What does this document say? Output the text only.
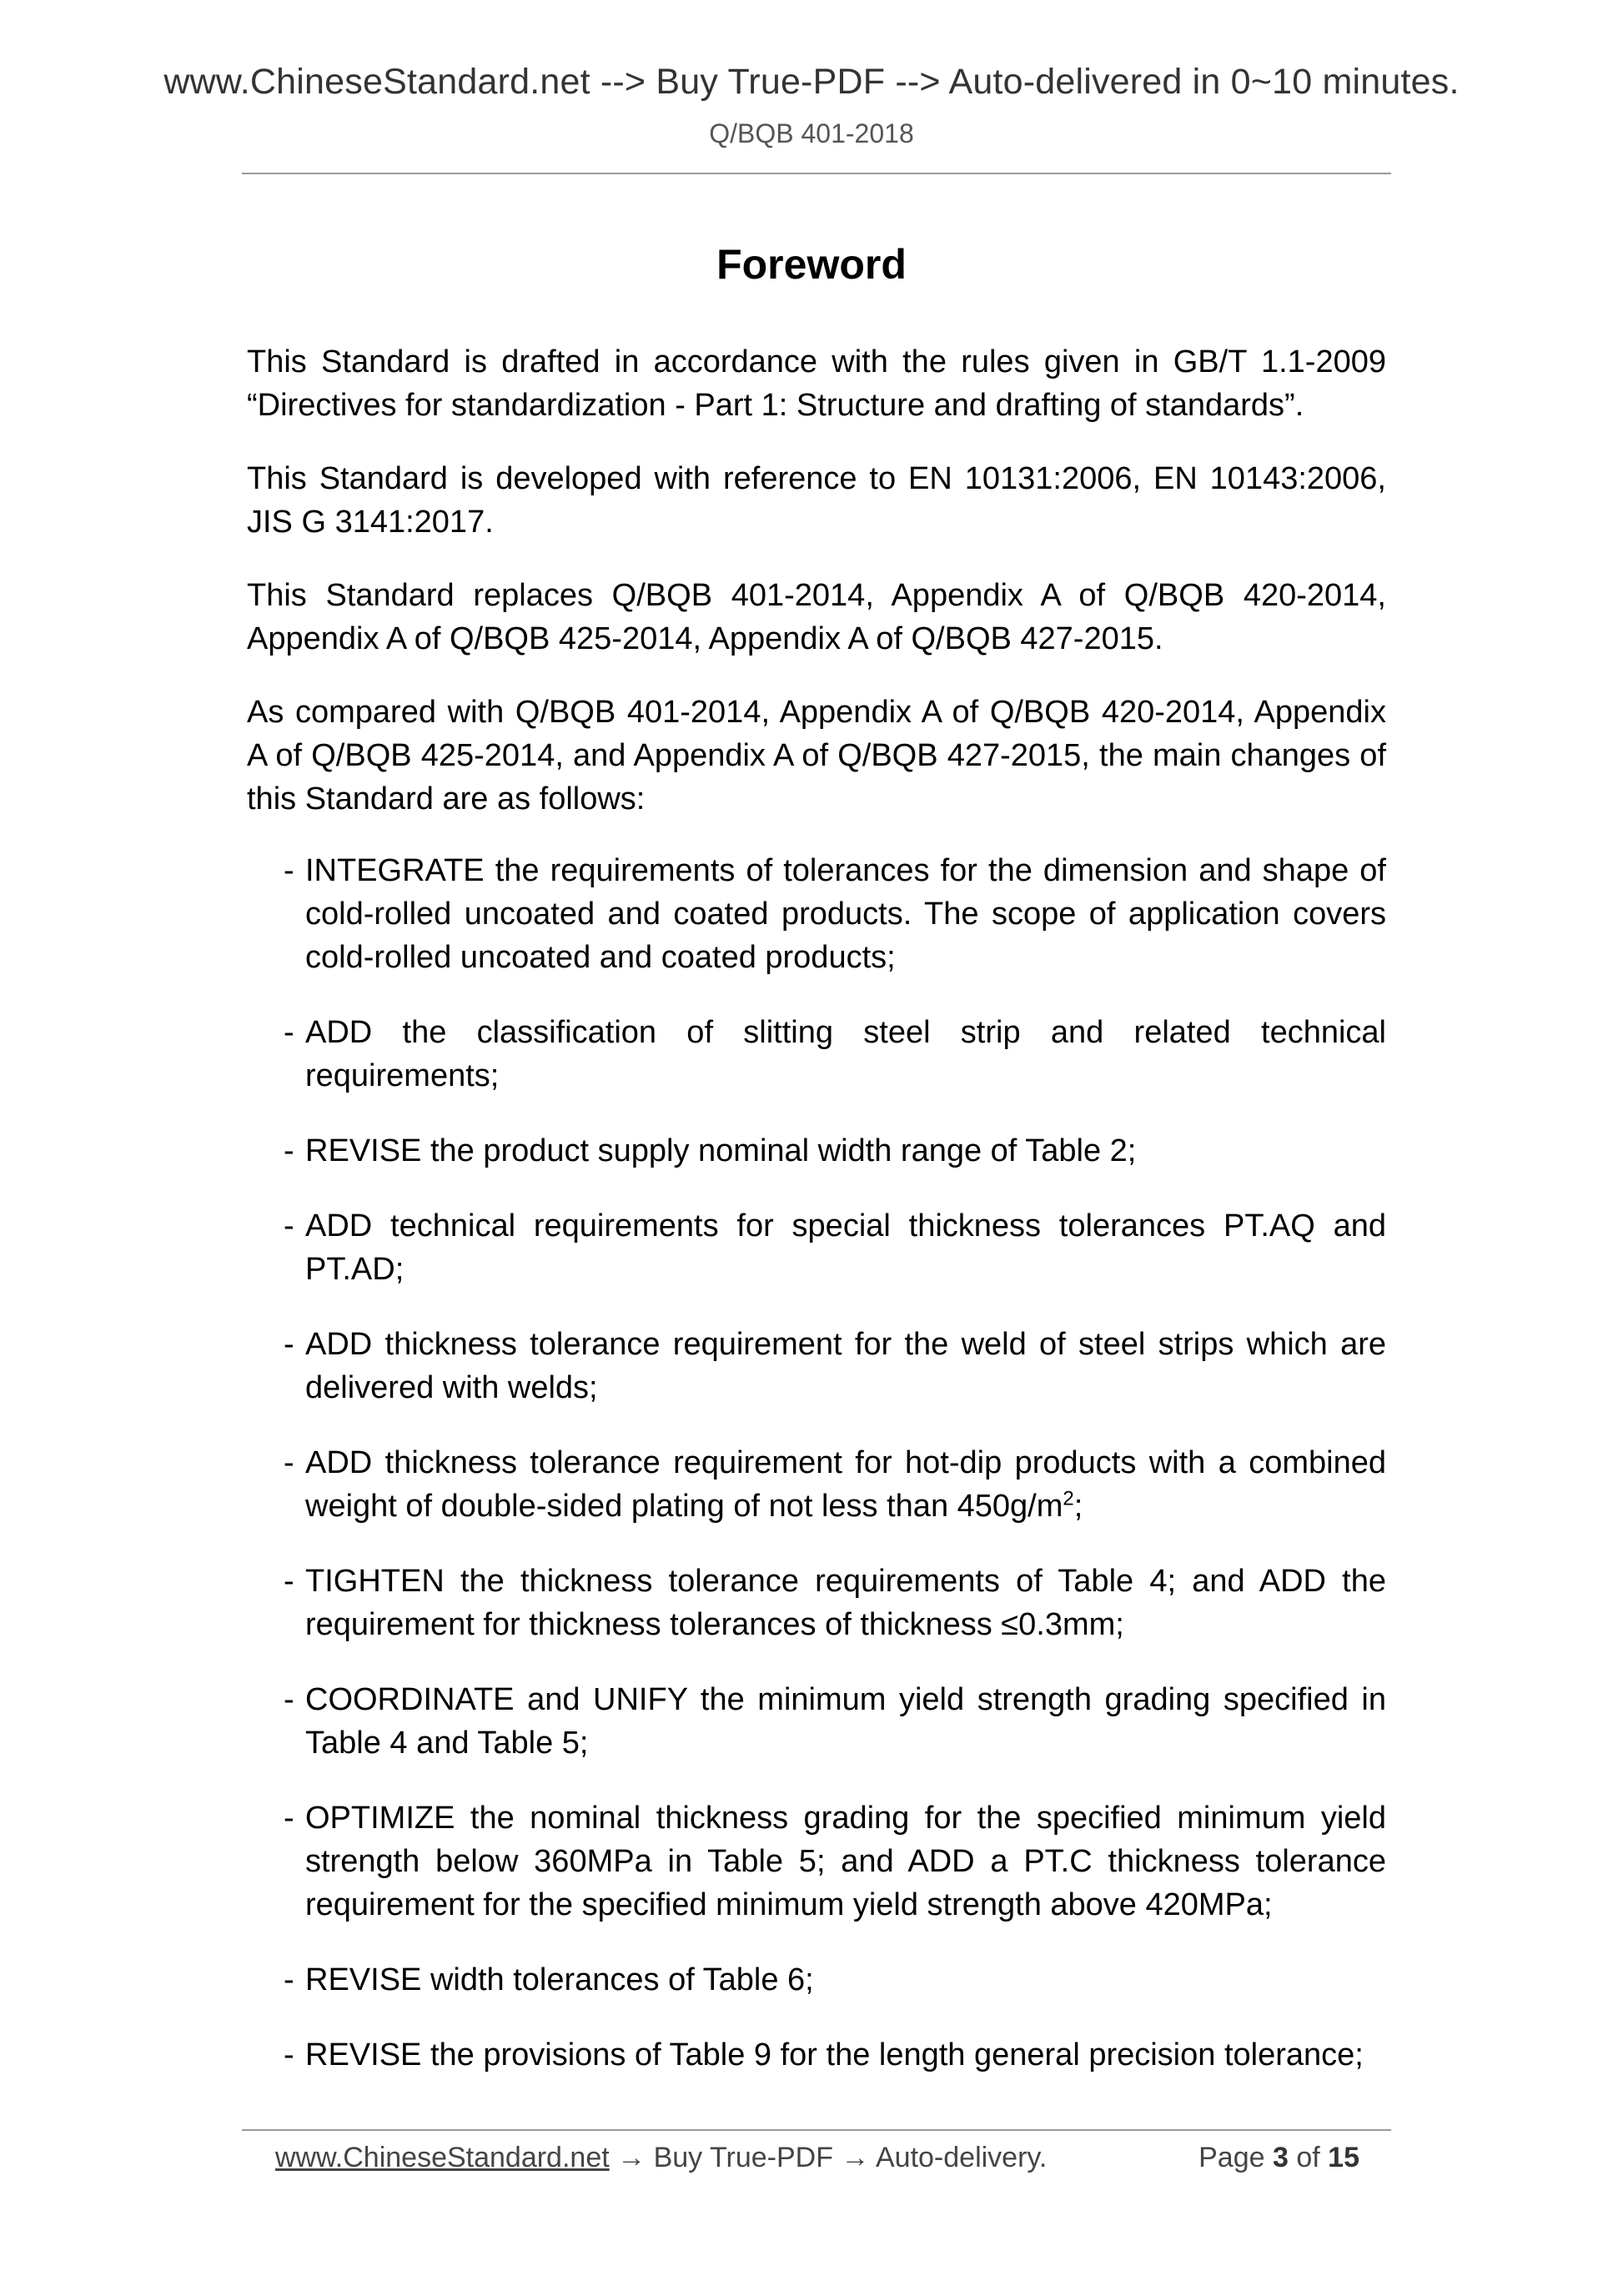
www.ChineseStandard.net --> Buy True-PDF --> Auto-delivered in 0~10 minutes.
Q/BQB 401-2018
Foreword

This Standard is drafted in accordance with the rules given in GB/T 1.1-2009 “Directives for standardization - Part 1: Structure and drafting of standards”.

This Standard is developed with reference to EN 10131:2006, EN 10143:2006, JIS G 3141:2017.

This Standard replaces Q/BQB 401-2014, Appendix A of Q/BQB 420-2014, Appendix A of Q/BQB 425-2014, Appendix A of Q/BQB 427-2015.

As compared with Q/BQB 401-2014, Appendix A of Q/BQB 420-2014, Appendix A of Q/BQB 425-2014, and Appendix A of Q/BQB 427-2015, the main changes of this Standard are as follows:

- INTEGRATE the requirements of tolerances for the dimension and shape of cold-rolled uncoated and coated products. The scope of application covers cold-rolled uncoated and coated products;
- ADD the classification of slitting steel strip and related technical requirements;
- REVISE the product supply nominal width range of Table 2;
- ADD technical requirements for special thickness tolerances PT.AQ and PT.AD;
- ADD thickness tolerance requirement for the weld of steel strips which are delivered with welds;
- ADD thickness tolerance requirement for hot-dip products with a combined weight of double-sided plating of not less than $450g/m^2$;
- TIGHTEN the thickness tolerance requirements of Table 4; and ADD the requirement for thickness tolerances of thickness ≤0.3mm;
- COORDINATE and UNIFY the minimum yield strength grading specified in Table 4 and Table 5;
- OPTIMIZE the nominal thickness grading for the specified minimum yield strength below 360MPa in Table 5; and ADD a PT.C thickness tolerance requirement for the specified minimum yield strength above 420MPa;
- REVISE width tolerances of Table 6;
- REVISE the provisions of Table 9 for the length general precision tolerance;
www.ChineseStandard.net → Buy True-PDF → Auto-delivery.	Page 3 of 15
